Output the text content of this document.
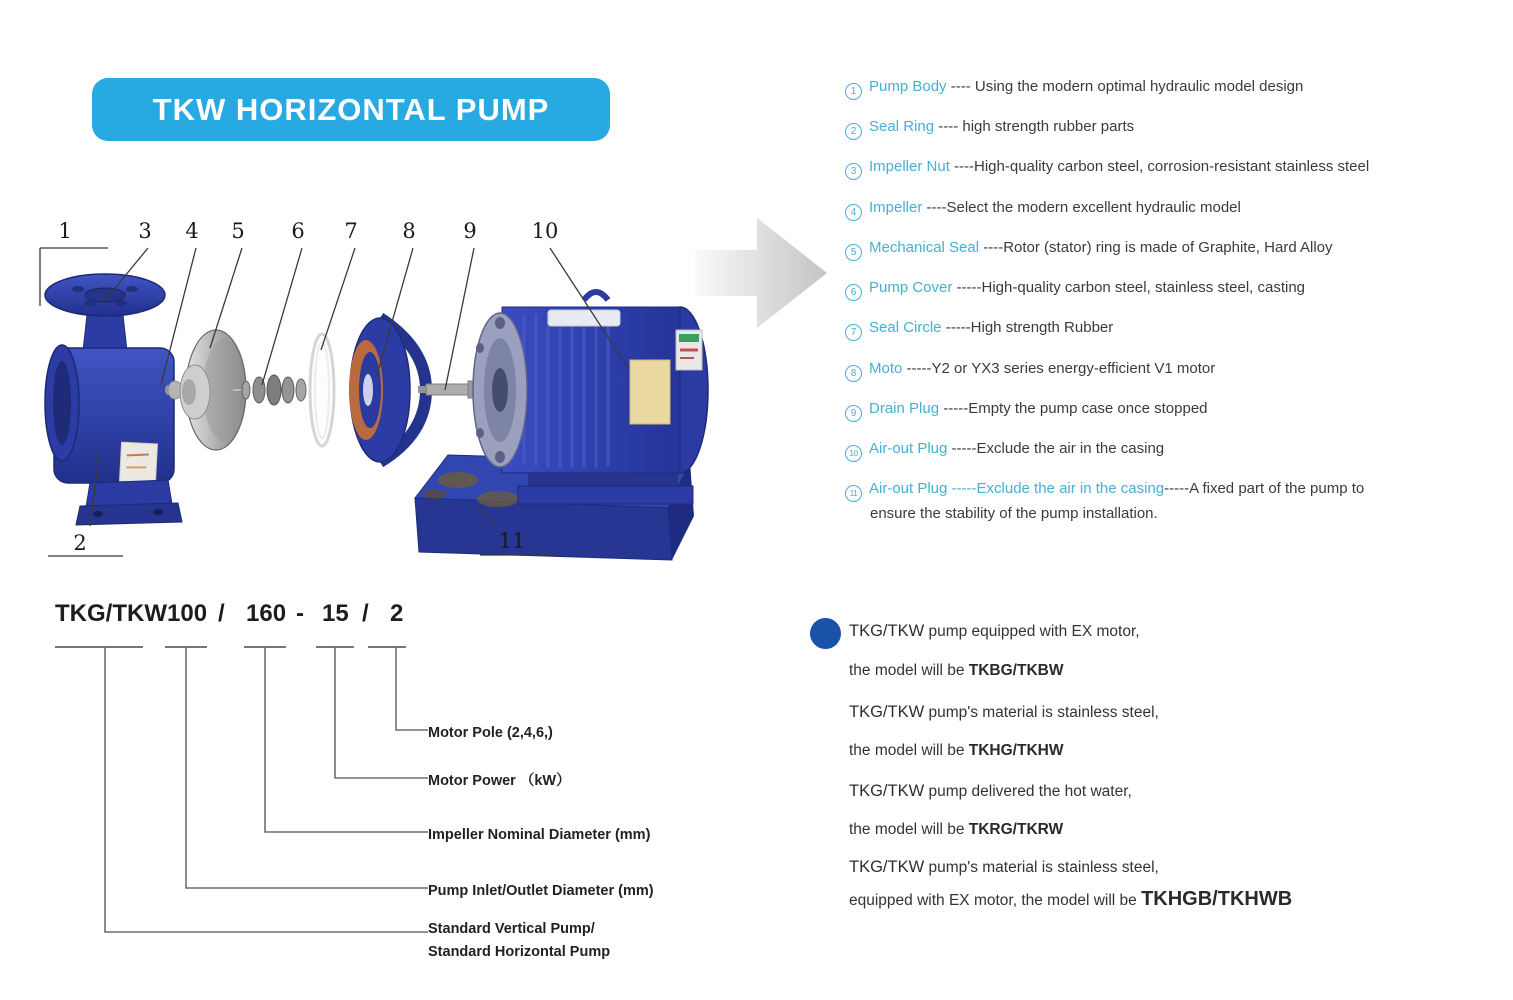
TKW HORIZONTAL PUMP
1	3 4 5 6 7 8 9	10
2	11
1 Pump Body ---- Using the modern optimal hydraulic model design
2 Seal Ring ---- high strength rubber parts
3 Impeller Nut ----High-quality carbon steel, corrosion-resistant stainless steel
4 Impeller ----Select the modern excellent hydraulic model
5 Mechanical Seal ----Rotor (stator) ring is made of Graphite, Hard Alloy
6 Pump Cover -----High-quality carbon steel, stainless steel, casting
7 Seal Circle -----High strength Rubber
8 Moto -----Y2 or YX3 series energy-efficient V1 motor
9 Drain Plug -----Empty the pump case once stopped
10 Air-out Plug -----Exclude the air in the casing
11 Air-out Plug -----Exclude the air in the casing-----A fixed part of the pump to
ensure the stability of the pump installation.
TKG/TKW 100 / 160 - 15 / 2
Motor Pole (2,4,6,)
Motor Power （kW）
Impeller Nominal Diameter (mm)
Pump Inlet/Outlet Diameter (mm)
Standard Vertical Pump/
Standard Horizontal Pump
TKG/TKW pump equipped with EX motor,
the model will be TKBG/TKBW
TKG/TKW pump's material is stainless steel,
the model will be TKHG/TKHW
TKG/TKW pump delivered the hot water,
the model will be TKRG/TKRW
TKG/TKW pump's material is stainless steel,
equipped with EX motor, the model will be TKHGB/TKHWB
